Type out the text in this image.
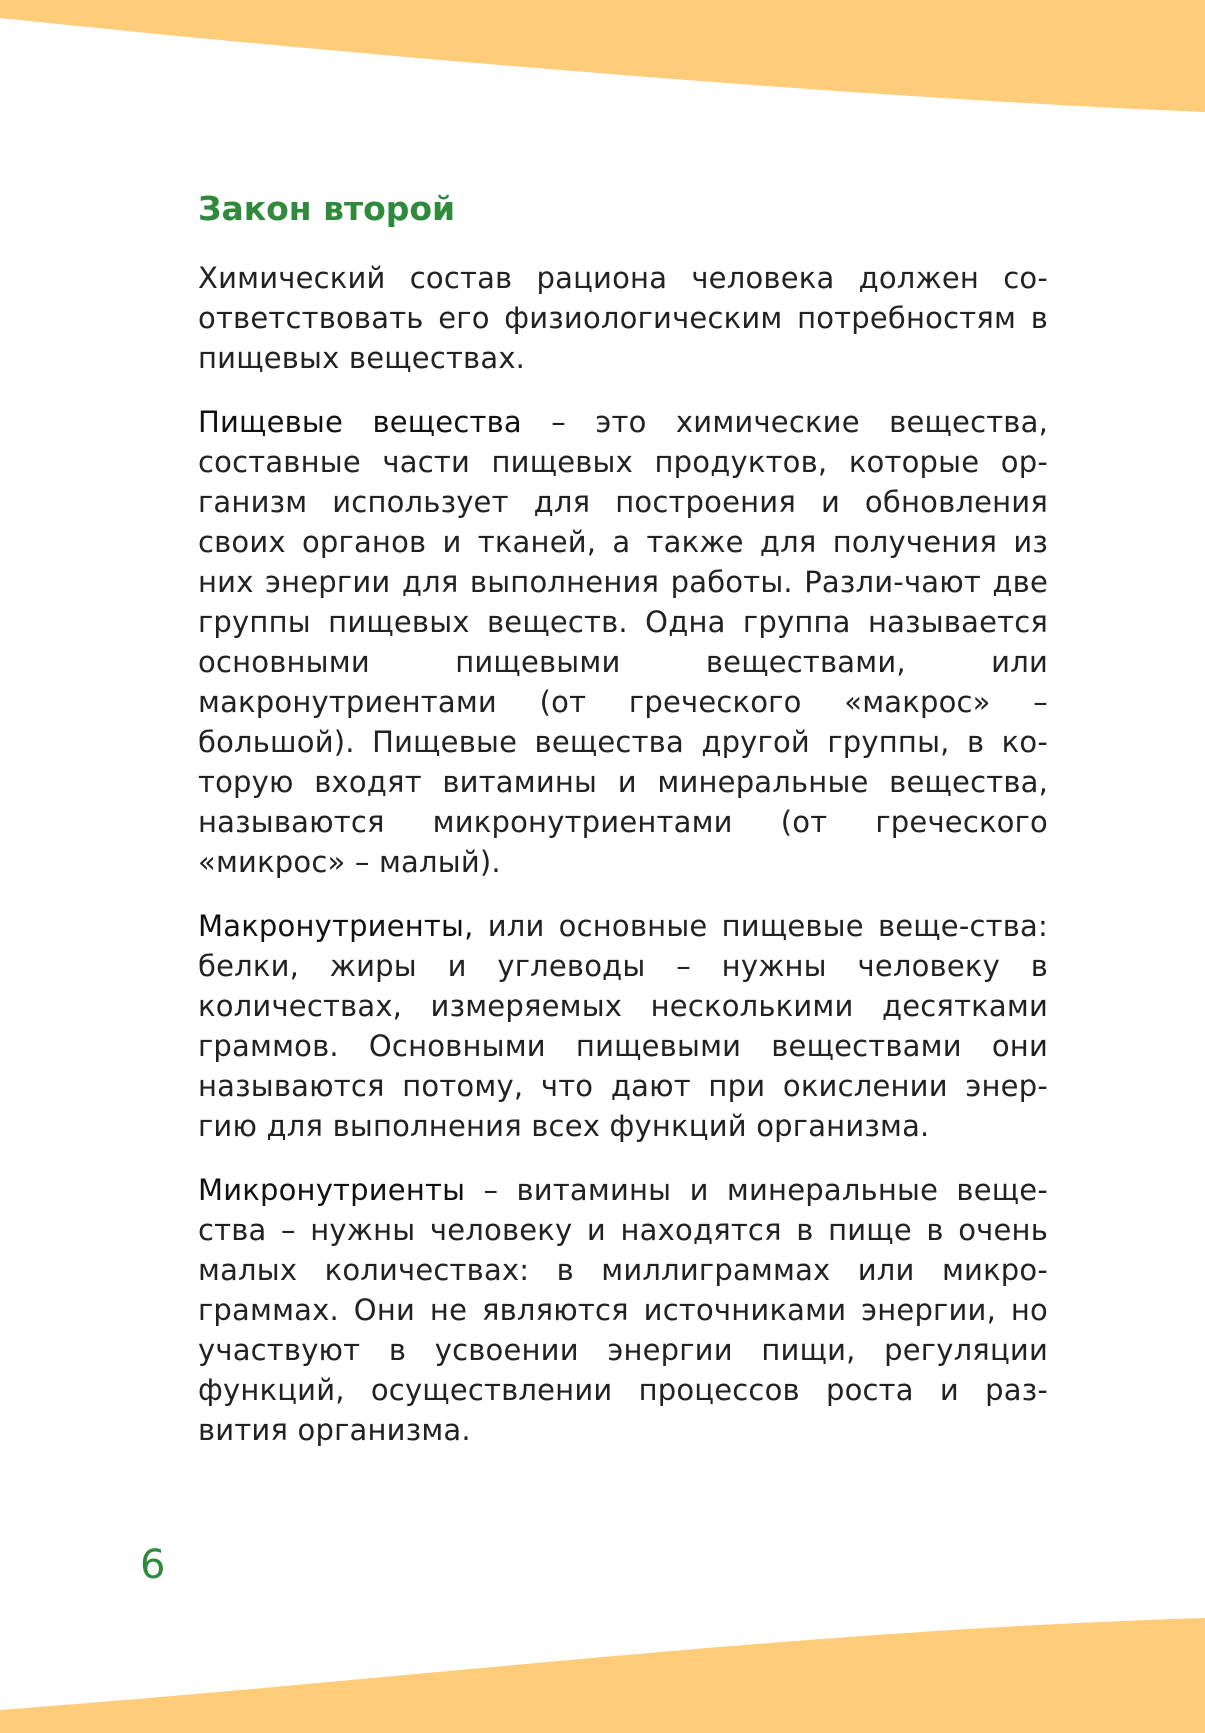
Закон второй

Химический состав рациона человека должен со-ответствовать его физиологическим потребностям в пищевых веществах.

Пищевые вещества – это химические вещества, составные части пищевых продуктов, которые ор-ганизм использует для построения и обновления своих органов и тканей, а также для получения из них энергии для выполнения работы. Разли-чают две группы пищевых веществ. Одна группа называется основными пищевыми веществами, или макронутриентами (от греческого «макрос» – большой). Пищевые вещества другой группы, в ко-торую входят витамины и минеральные вещества, называются микронутриентами (от греческого «микрос» – малый).

Макронутриенты, или основные пищевые веще-ства: белки, жиры и углеводы – нужны человеку в количествах, измеряемых несколькими десятками граммов. Основными пищевыми веществами они называются потому, что дают при окислении энер-гию для выполнения всех функций организма.

Микронутриенты – витамины и минеральные веще-ства – нужны человеку и находятся в пище в очень малых количествах: в миллиграммах или микро-граммах. Они не являются источниками энергии, но участвуют в усвоении энергии пищи, регуляции функций, осуществлении процессов роста и раз-вития организма.

6
